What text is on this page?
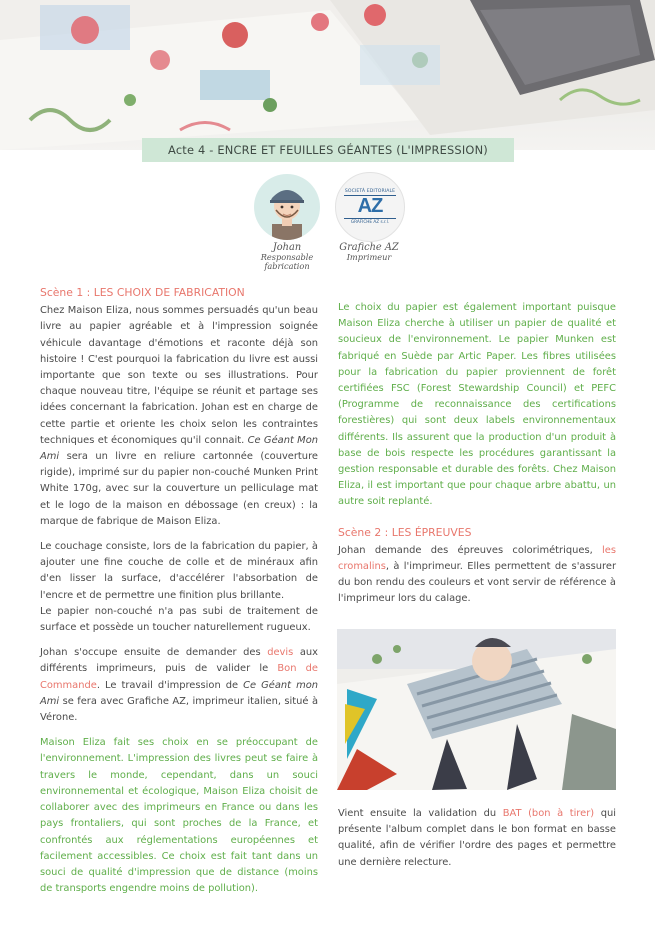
Acte 4 - ENCRE ET FEUILLES GÉANTES (L'IMPRESSION)
Johan
Responsable
fabrication
SOCIETÀ EDITORIALE
AZ
GRAFICHE AZ s.r.l.
Grafiche AZ
Imprimeur
Scène 1 : LES CHOIX DE FABRICATION

Chez Maison Eliza, nous sommes persuadés qu'un beau livre au papier agréable et à l'impression soignée véhicule davantage d'émotions et raconte déjà son histoire ! C'est pourquoi la fabrication du livre est aussi importante que son texte ou ses illustrations. Pour chaque nouveau titre, l'équipe se réunit et partage ses idées concernant la fabrication. Johan est en charge de cette partie et oriente les choix selon les contraintes techniques et économiques qu'il connait. Ce Géant Mon Ami sera un livre en reliure cartonnée (couverture rigide), imprimé sur du papier non-couché Munken Print White 170g, avec sur la couverture un pelliculage mat et le logo de la maison en débossage (en creux) : la marque de fabrique de Maison Eliza.

Le couchage consiste, lors de la fabrication du papier, à ajouter une fine couche de colle et de minéraux afin d'en lisser la surface, d'accélérer l'absorbation de l'encre et de permettre une finition plus brillante.

Le papier non-couché n'a pas subi de traitement de surface et possède un toucher naturellement rugueux.

Johan s'occupe ensuite de demander des devis aux différents imprimeurs, puis de valider le Bon de Commande. Le travail d'impression de Ce Géant mon Ami se fera avec Grafiche AZ, imprimeur italien, situé à Vérone.

Maison Eliza fait ses choix en se préoccupant de l'environnement. L'impression des livres peut se faire à travers le monde, cependant, dans un souci environnemental et écologique, Maison Eliza choisit de collaborer avec des imprimeurs en France ou dans les pays frontaliers, qui sont proches de la France, et confrontés aux réglementations européennes et facilement accessibles. Ce choix est fait tant dans un souci de qualité d'impression que de distance (moins de transports engendre moins de pollution).

Le choix du papier est également important puisque Maison Eliza cherche à utiliser un papier de qualité et soucieux de l'environnement. Le papier Munken est fabriqué en Suède par Artic Paper. Les fibres utilisées pour la fabrication du papier proviennent de forêt certifiées FSC (Forest Stewardship Council) et PEFC (Programme de reconnaissance des certifications forestières) qui sont deux labels environnementaux différents. Ils assurent que la production d'un produit à base de bois respecte les procédures garantissant la gestion responsable et durable des forêts. Chez Maison Eliza, il est important que pour chaque arbre abattu, un autre soit replanté.

Scène 2 : LES ÉPREUVES

Johan demande des épreuves colorimétriques, les cromalins, à l'imprimeur. Elles permettent de s'assurer du bon rendu des couleurs et vont servir de référence à l'imprimeur lors du calage.

Vient ensuite la validation du BAT (bon à tirer) qui présente l'album complet dans le bon format en basse qualité, afin de vérifier l'ordre des pages et permettre une dernière relecture.
